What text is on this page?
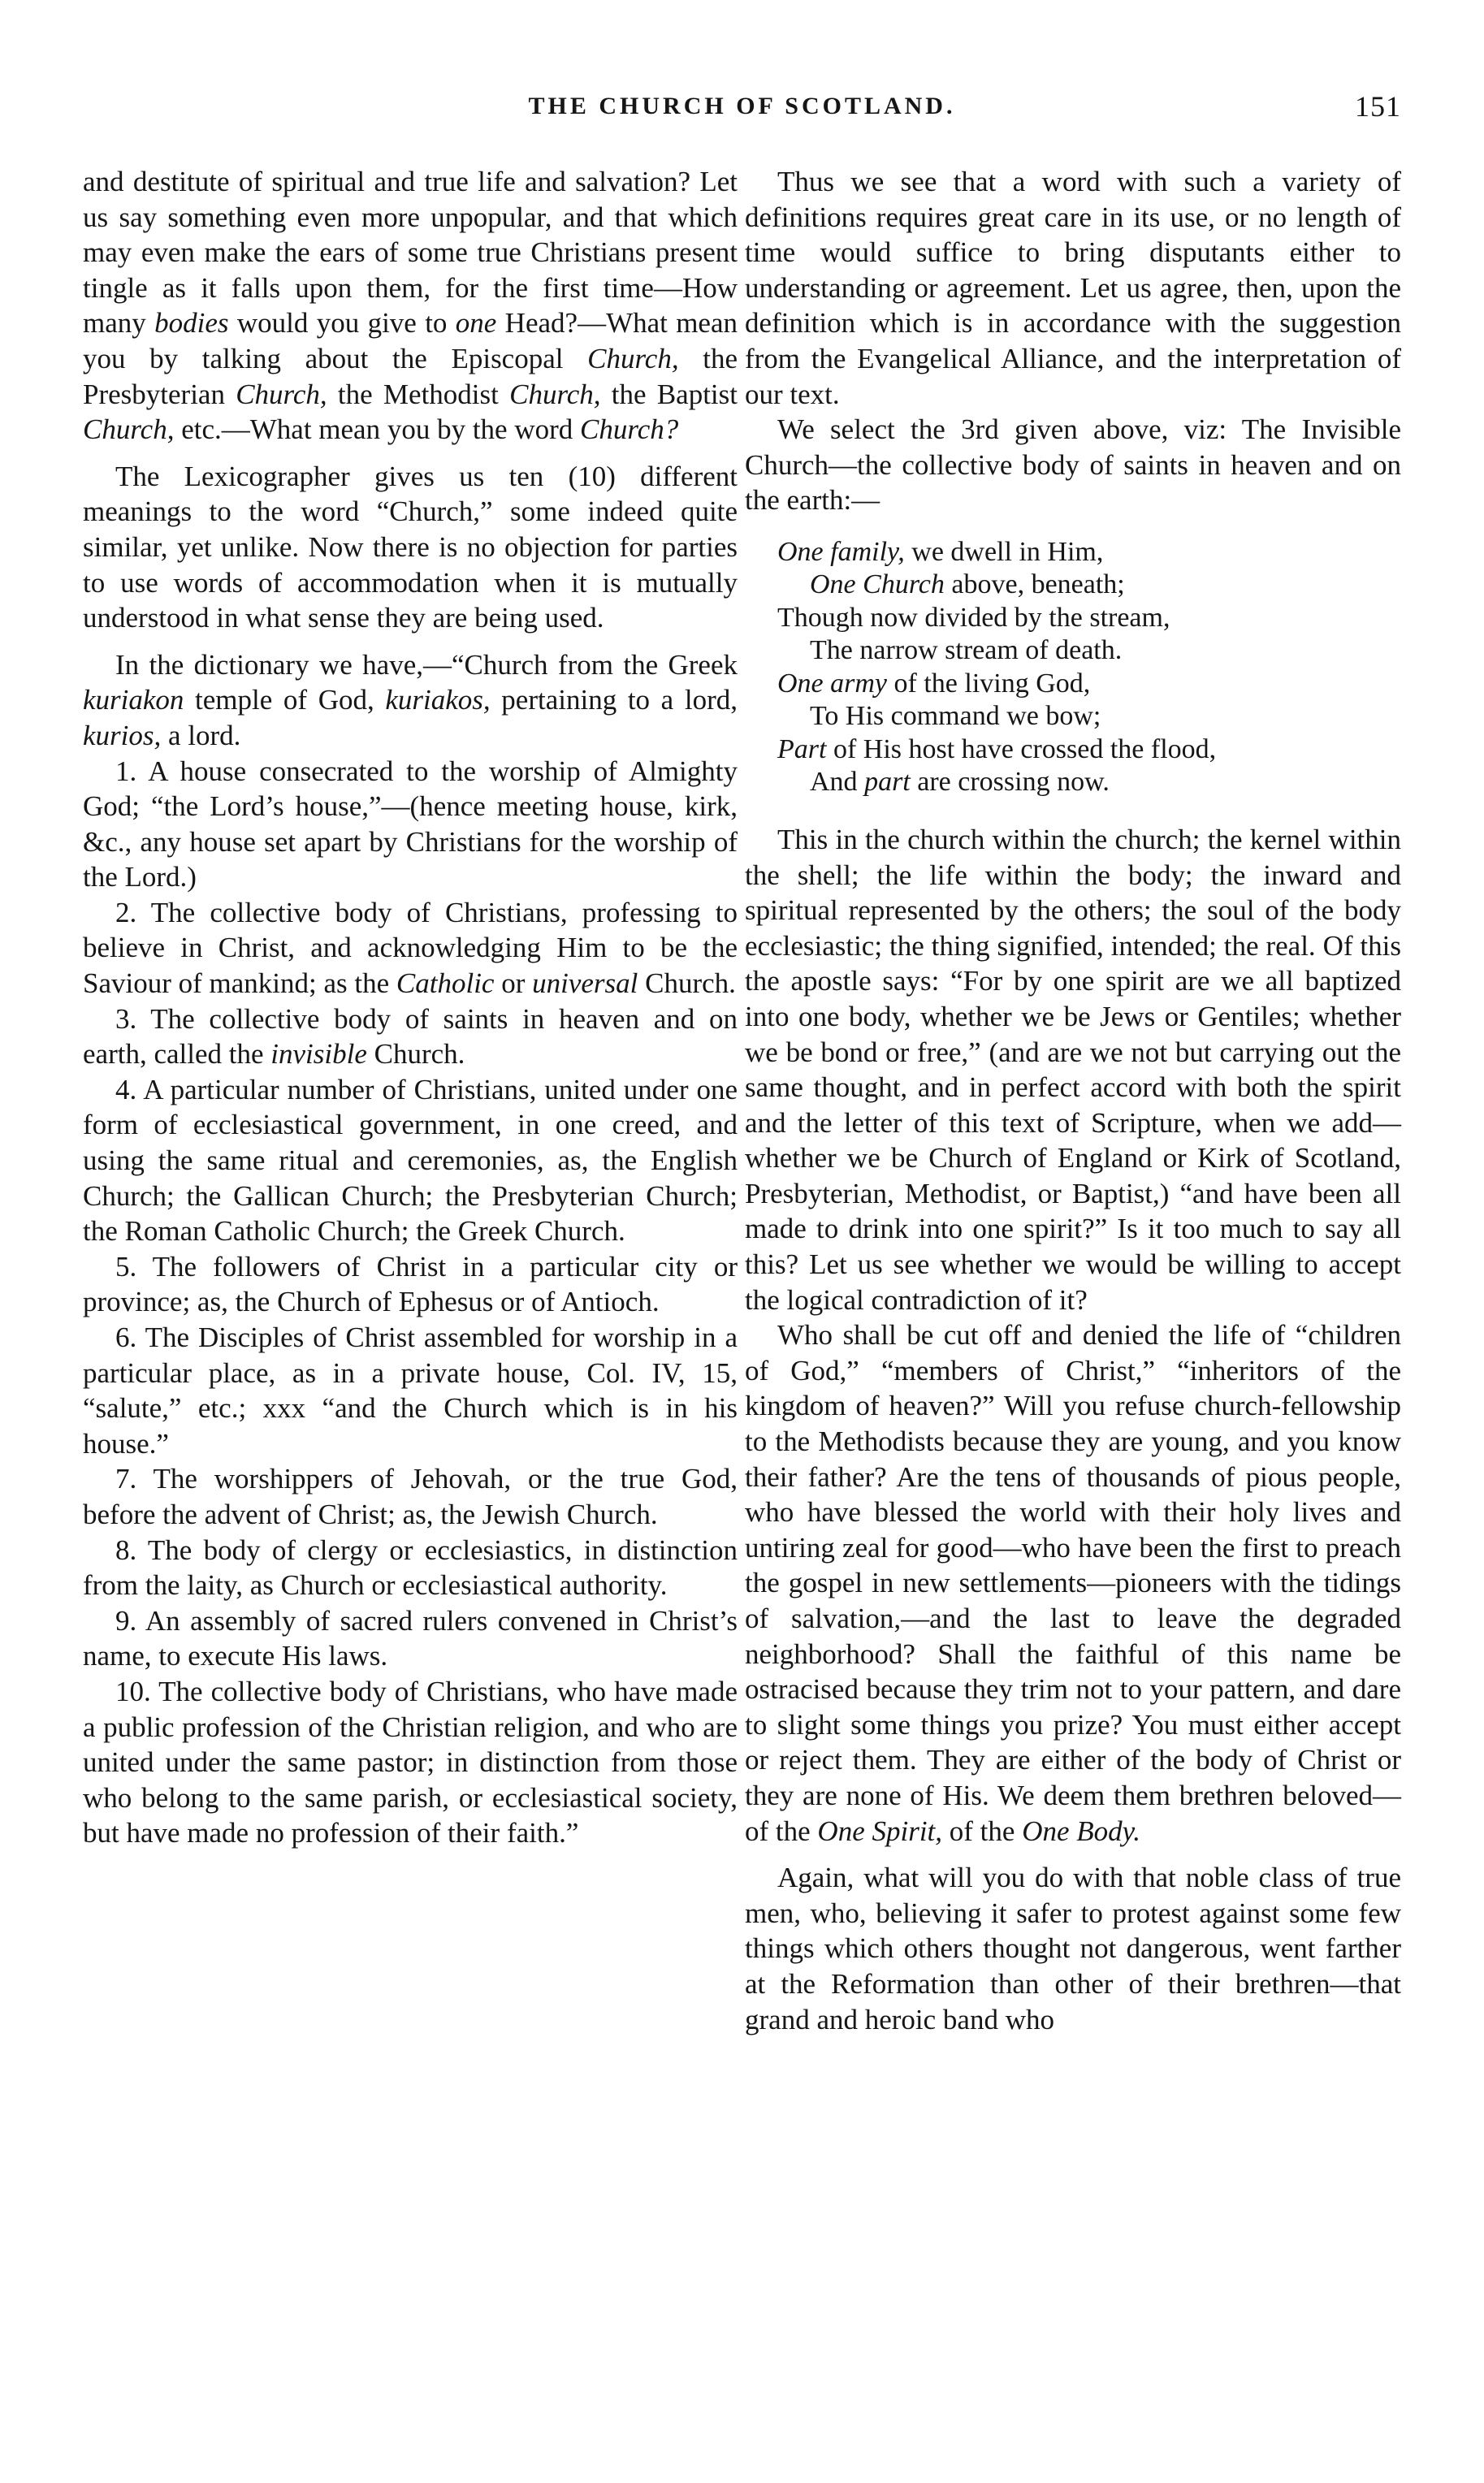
THE CHURCH OF SCOTLAND.	151

and destitute of spiritual and true life and salvation? Let us say something even more unpopular, and that which may even make the ears of some true Christians present tingle as it falls upon them, for the first time—How many bodies would you give to one Head?—What mean you by talking about the Episcopal Church, the Presbyterian Church, the Methodist Church, the Baptist Church, etc.—What mean you by the word Church?

The Lexicographer gives us ten (10) different meanings to the word “Church,” some indeed quite similar, yet unlike. Now there is no objection for parties to use words of accommodation when it is mutually understood in what sense they are being used.

In the dictionary we have,—“Church from the Greek kuriakon temple of God, kuriakos, pertaining to a lord, kurios, a lord.

1. A house consecrated to the worship of Almighty God; “the Lord’s house,”—(hence meeting house, kirk, &c., any house set apart by Christians for the worship of the Lord.)

2. The collective body of Christians, professing to believe in Christ, and acknowledging Him to be the Saviour of mankind; as the Catholic or universal Church.

3. The collective body of saints in heaven and on earth, called the invisible Church.

4. A particular number of Christians, united under one form of ecclesiastical government, in one creed, and using the same ritual and ceremonies, as, the English Church; the Gallican Church; the Presbyterian Church; the Roman Catholic Church; the Greek Church.

5. The followers of Christ in a particular city or province; as, the Church of Ephesus or of Antioch.

6. The Disciples of Christ assembled for worship in a particular place, as in a private house, Col. IV, 15, “salute,” etc.; xxx “and the Church which is in his house.”

7. The worshippers of Jehovah, or the true God, before the advent of Christ; as, the Jewish Church.

8. The body of clergy or ecclesiastics, in distinction from the laity, as Church or ecclesiastical authority.

9. An assembly of sacred rulers convened in Christ’s name, to execute His laws.

10. The collective body of Christians, who have made a public profession of the Christian religion, and who are united under the same pastor; in distinction from those who belong to the same parish, or ecclesiastical society, but have made no profession of their faith.”

Thus we see that a word with such a variety of definitions requires great care in its use, or no length of time would suffice to bring disputants either to understanding or agreement. Let us agree, then, upon the definition which is in accordance with the suggestion from the Evangelical Alliance, and the interpretation of our text.

We select the 3rd given above, viz: The Invisible Church—the collective body of saints in heaven and on the earth:—

One family, we dwell in Him,
One Church above, beneath;
Though now divided by the stream,
The narrow stream of death.
One army of the living God,
To His command we bow;
Part of His host have crossed the flood,
And part are crossing now.

This in the church within the church; the kernel within the shell; the life within the body; the inward and spiritual represented by the others; the soul of the body ecclesiastic; the thing signified, intended; the real. Of this the apostle says: “For by one spirit are we all baptized into one body, whether we be Jews or Gentiles; whether we be bond or free,” (and are we not but carrying out the same thought, and in perfect accord with both the spirit and the letter of this text of Scripture, when we add—whether we be Church of England or Kirk of Scotland, Presbyterian, Methodist, or Baptist,) “and have been all made to drink into one spirit?” Is it too much to say all this? Let us see whether we would be willing to accept the logical contradiction of it?

Who shall be cut off and denied the life of “children of God,” “members of Christ,” “inheritors of the kingdom of heaven?” Will you refuse church-fellowship to the Methodists because they are young, and you know their father? Are the tens of thousands of pious people, who have blessed the world with their holy lives and untiring zeal for good—who have been the first to preach the gospel in new settlements—pioneers with the tidings of salvation,—and the last to leave the degraded neighborhood? Shall the faithful of this name be ostracised because they trim not to your pattern, and dare to slight some things you prize? You must either accept or reject them. They are either of the body of Christ or they are none of His. We deem them brethren beloved—of the One Spirit, of the One Body.

Again, what will you do with that noble class of true men, who, believing it safer to protest against some few things which others thought not dangerous, went farther at the Reformation than other of their brethren—that grand and heroic band who
